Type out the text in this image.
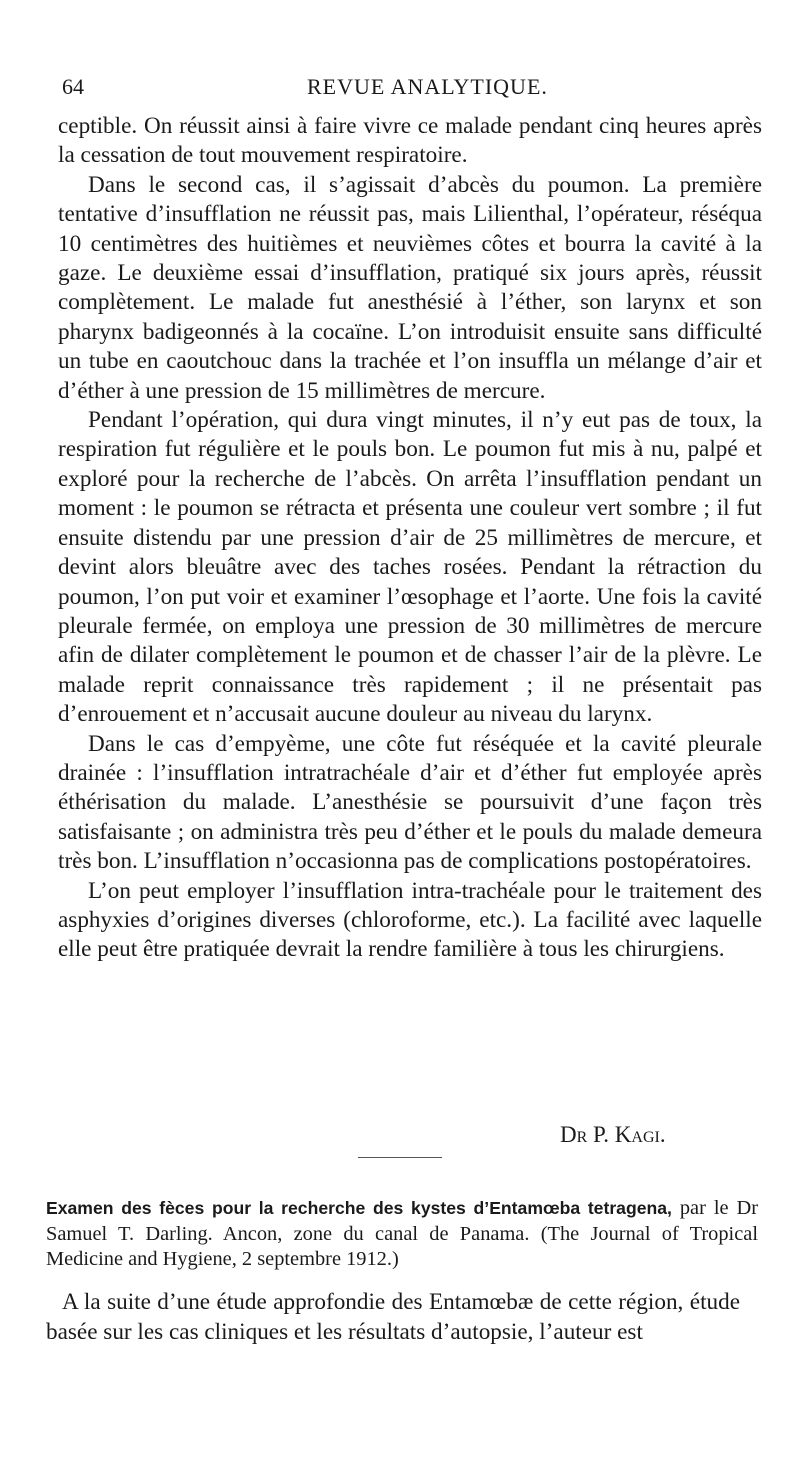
64	REVUE ANALYTIQUE.

ceptible. On réussit ainsi à faire vivre ce malade pendant cinq heures après la cessation de tout mouvement respiratoire.

Dans le second cas, il s’agissait d’abcès du poumon. La première tentative d’insufflation ne réussit pas, mais Lilienthal, l’opérateur, réséqua 10 centimètres des huitièmes et neuvièmes côtes et bourra la cavité à la gaze. Le deuxième essai d’insufflation, pratiqué six jours après, réussit complètement. Le malade fut anesthésié à l’éther, son larynx et son pharynx badigeonnés à la cocaïne. L’on introduisit ensuite sans difficulté un tube en caoutchouc dans la trachée et l’on insuffla un mélange d’air et d’éther à une pression de 15 millimètres de mercure.

Pendant l’opération, qui dura vingt minutes, il n’y eut pas de toux, la respiration fut régulière et le pouls bon. Le poumon fut mis à nu, palpé et exploré pour la recherche de l’abcès. On arrêta l’insufflation pendant un moment : le poumon se rétracta et présenta une couleur vert sombre ; il fut ensuite distendu par une pression d’air de 25 millimètres de mercure, et devint alors bleuâtre avec des taches rosées. Pendant la rétraction du poumon, l’on put voir et examiner l’œsophage et l’aorte. Une fois la cavité pleurale fermée, on employa une pression de 30 millimètres de mercure afin de dilater complètement le poumon et de chasser l’air de la plèvre. Le malade reprit connaissance très rapidement ; il ne présentait pas d’enrouement et n’accusait aucune douleur au niveau du larynx.

Dans le cas d’empyème, une côte fut réséquée et la cavité pleurale drainée : l’insufflation intratrachéale d’air et d’éther fut employée après éthérisation du malade. L’anesthésie se poursuivit d’une façon très satisfaisante ; on administra très peu d’éther et le pouls du malade demeura très bon. L’insufflation n’occasionna pas de complications postopératoires.

L’on peut employer l’insufflation intra-trachéale pour le traitement des asphyxies d’origines diverses (chloroforme, etc.). La facilité avec laquelle elle peut être pratiquée devrait la rendre familière à tous les chirurgiens.

Dr P. Kagi.
Examen des fèces pour la recherche des kystes d’Entamœba tetragena, par le Dr Samuel T. Darling. Ancon, zone du canal de Panama. (The Journal of Tropical Medicine and Hygiene, 2 septembre 1912.)

A la suite d’une étude approfondie des Entamœbæ de cette région, étude basée sur les cas cliniques et les résultats d’autopsie, l’auteur est
